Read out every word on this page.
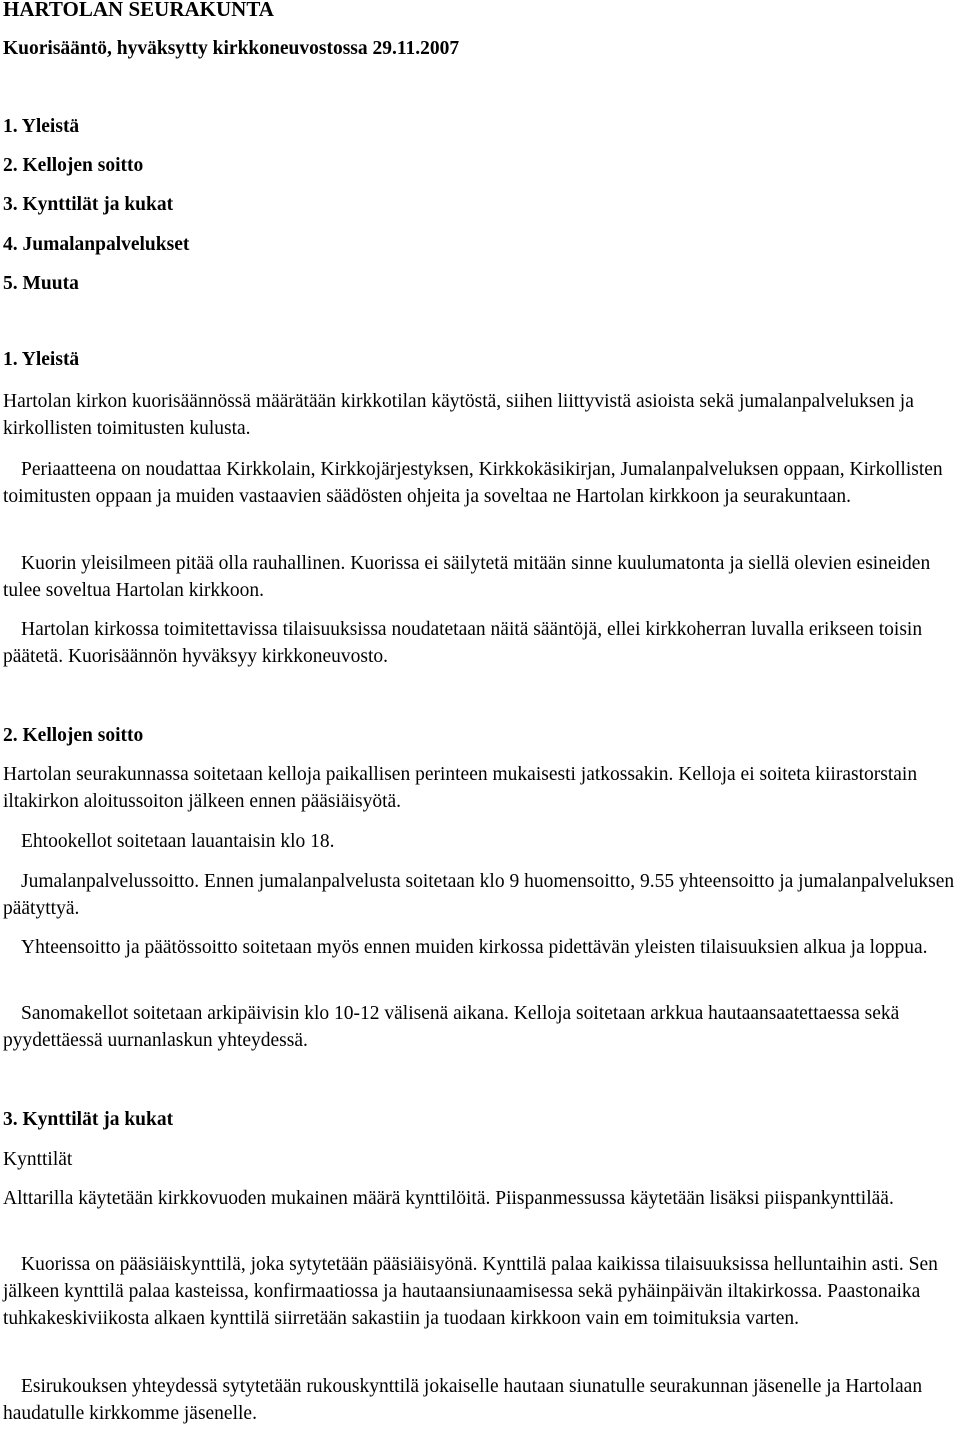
HARTOLAN SEURAKUNTA
Kuorisääntö, hyväksytty kirkkoneuvostossa 29.11.2007
1. Yleistä
2. Kellojen soitto
3. Kynttilät ja kukat
4. Jumalanpalvelukset
5. Muuta
1. Yleistä

Hartolan kirkon kuorisäännössä määrätään kirkkotilan käytöstä, siihen liittyvistä asioista sekä jumalanpalveluksen ja kirkollisten toimitusten kulusta.

Periaatteena on noudattaa Kirkkolain, Kirkkojärjestyksen, Kirkkokäsikirjan, Jumalanpalveluksen oppaan, Kirkollisten toimitusten oppaan ja muiden vastaavien säädösten ohjeita ja soveltaa ne Hartolan kirkkoon ja seurakuntaan.

Kuorin yleisilmeen pitää olla rauhallinen. Kuorissa ei säilytetä mitään sinne kuulumatonta ja siellä olevien esineiden tulee soveltua Hartolan kirkkoon.

Hartolan kirkossa toimitettavissa tilaisuuksissa noudatetaan näitä sääntöjä, ellei kirkkoherran luvalla erikseen toisin päätetä. Kuorisäännön hyväksyy kirkkoneuvosto.

2. Kellojen soitto

Hartolan seurakunnassa soitetaan kelloja paikallisen perinteen mukaisesti jatkossakin. Kelloja ei soiteta kiirastorstain iltakirkon aloitussoiton jälkeen ennen pääsiäisyötä.

Ehtookellot soitetaan lauantaisin klo 18.

Jumalanpalvelussoitto. Ennen jumalanpalvelusta soitetaan klo 9 huomensoitto, 9.55 yhteensoitto ja jumalanpalveluksen päätyttyä.

Yhteensoitto ja päätössoitto soitetaan myös ennen muiden kirkossa pidettävän yleisten tilaisuuksien alkua ja loppua.

Sanomakellot soitetaan arkipäivisin klo 10-12 välisenä aikana. Kelloja soitetaan arkkua hautaansaatettaessa sekä pyydettäessä uurnanlaskun yhteydessä.

3. Kynttilät ja kukat
Kynttilät

Alttarilla käytetään kirkkovuoden mukainen määrä kynttilöitä. Piispanmessussa käytetään lisäksi piispankynttilää.

Kuorissa on pääsiäiskynttilä, joka sytytetään pääsiäisyönä. Kynttilä palaa kaikissa tilaisuuksissa helluntaihin asti. Sen jälkeen kynttilä palaa kasteissa, konfirmaatiossa ja hautaansiunaamisessa sekä pyhäinpäivän iltakirkossa. Paastonaika tuhkakeskiviikosta alkaen kynttilä siirretään sakastiin ja tuodaan kirkkoon vain em toimituksia varten.

Esirukouksen yhteydessä sytytetään rukouskynttilä jokaiselle hautaan siunatulle seurakunnan jäsenelle ja Hartolaan haudatulle kirkkomme jäsenelle.
